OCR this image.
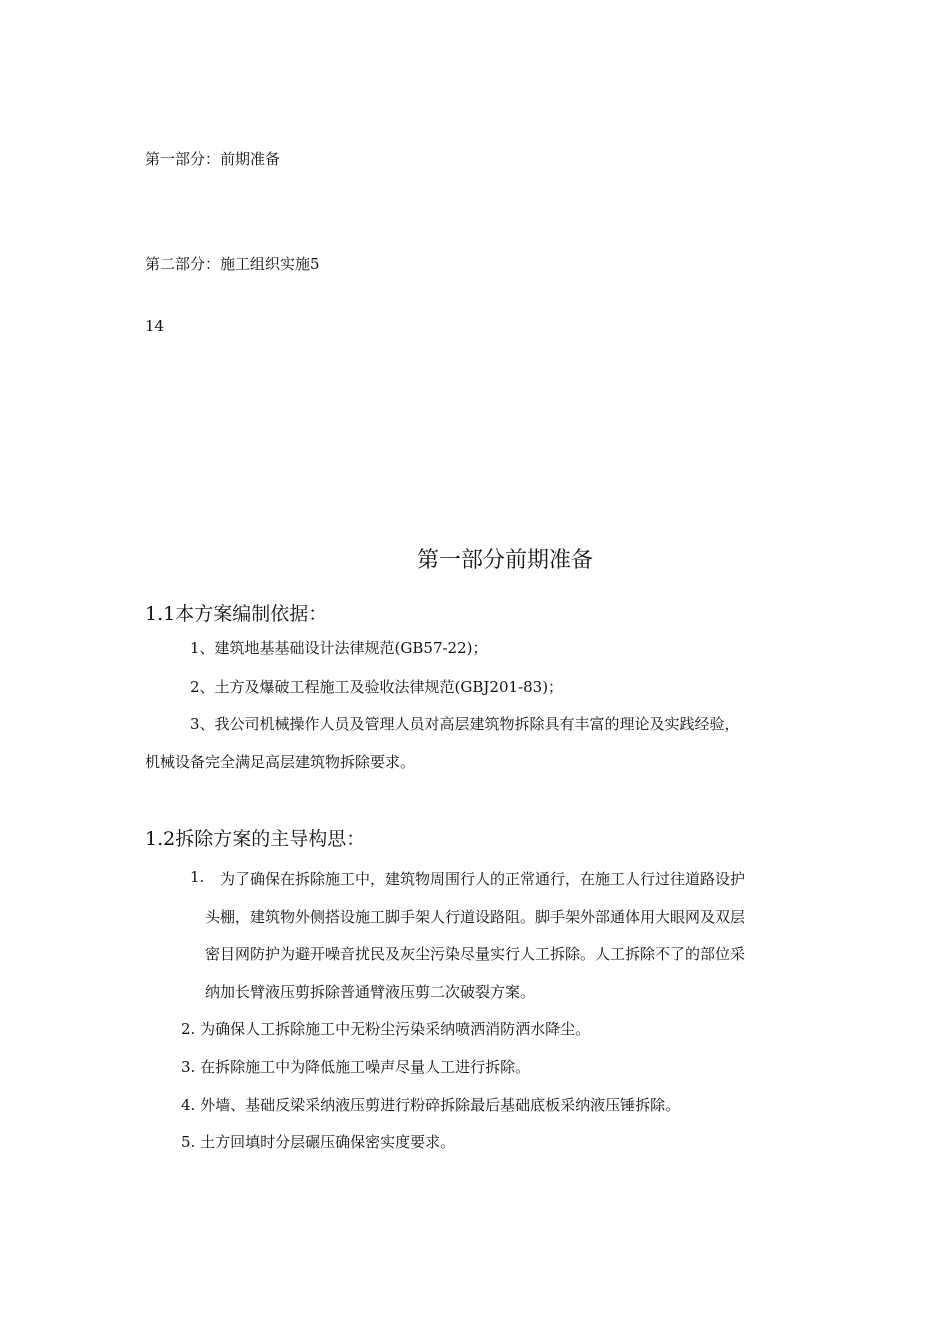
第一部分：前期准备
第二部分：施工组织实施5
14
第一部分前期准备
1.1本方案编制依据：
1、建筑地基基础设计法律规范(GB57-22)；
2、土方及爆破工程施工及验收法律规范(GBJ201-83)；
3、我公司机械操作人员及管理人员对高层建筑物拆除具有丰富的理论及实践经验，
机械设备完全满足高层建筑物拆除要求。
1.2拆除方案的主导构思：
1. 为了确保在拆除施工中，建筑物周围行人的正常通行，在施工人行过往道路设护
头棚，建筑物外侧搭设施工脚手架人行道设路阻。脚手架外部通体用大眼网及双层
密目网防护为避开噪音扰民及灰尘污染尽量实行人工拆除。人工拆除不了的部位采
纳加长臂液压剪拆除普通臂液压剪二次破裂方案。
2. 为确保人工拆除施工中无粉尘污染采纳喷洒消防洒水降尘。
3. 在拆除施工中为降低施工噪声尽量人工进行拆除。
4. 外墙、基础反梁采纳液压剪进行粉碎拆除最后基础底板采纳液压锤拆除。
5. 土方回填时分层碾压确保密实度要求。
